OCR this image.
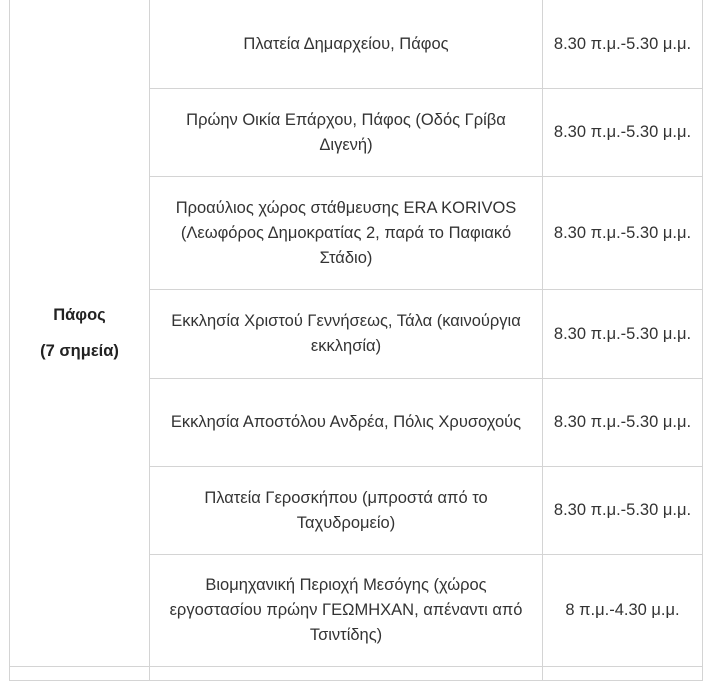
Πάφος

(7 σημεία)	Πλατεία Δημαρχείου, Πάφος	8.30 π.μ.-5.30 μ.μ.
	Πρώην Οικία Επάρχου, Πάφος (Οδός Γρίβα Διγενή)	8.30 π.μ.-5.30 μ.μ.
	Προαύλιος χώρος στάθμευσης ERA KORIVOS (Λεωφόρος Δημοκρατίας 2, παρά το Παφιακό Στάδιο)	8.30 π.μ.-5.30 μ.μ.
	Εκκλησία Χριστού Γεννήσεως, Τάλα (καινούργια εκκλησία)	8.30 π.μ.-5.30 μ.μ.
	Εκκλησία Αποστόλου Ανδρέα, Πόλις Χρυσοχούς	8.30 π.μ.-5.30 μ.μ.
	Πλατεία Γεροσκήπου (μπροστά από το Ταχυδρομείο)	8.30 π.μ.-5.30 μ.μ.
	Βιομηχανική Περιοχή Μεσόγης (χώρος εργοστασίου πρώην ΓΕΩΜΗΧΑΝ, απέναντι από Τσιντίδης)	8 π.μ.-4.30 μ.μ.
